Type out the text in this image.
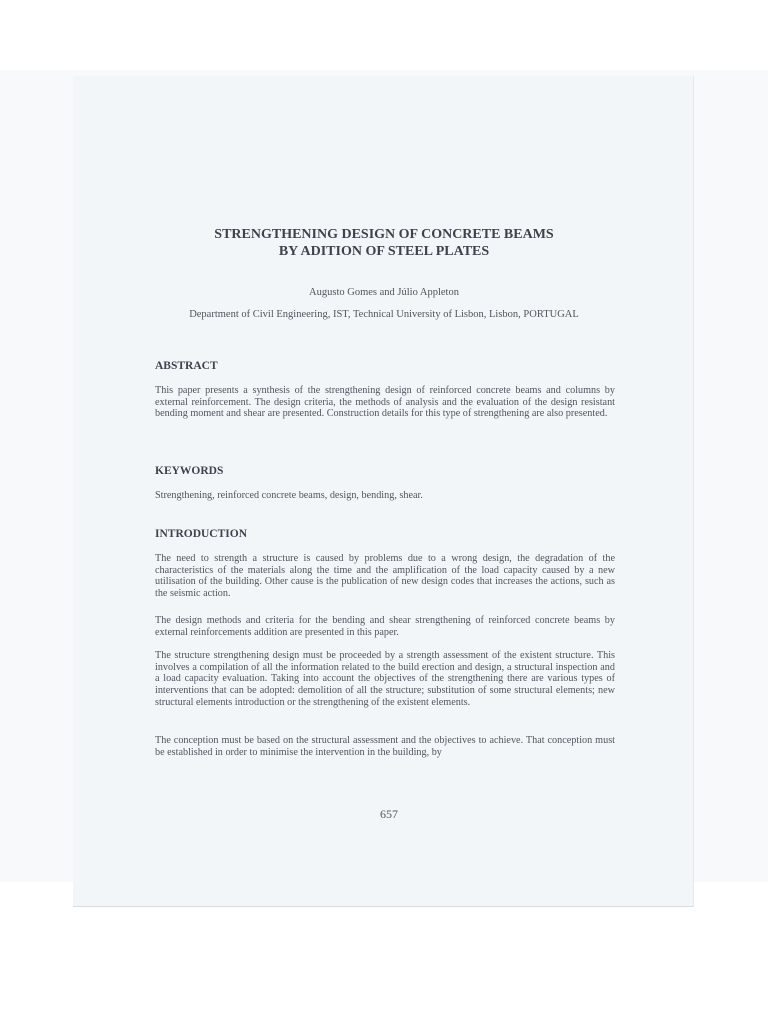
STRENGTHENING DESIGN OF CONCRETE BEAMS
BY ADITION OF STEEL PLATES
Augusto Gomes and Júlio Appleton
Department of Civil Engineering, IST, Technical University of Lisbon, Lisbon, PORTUGAL
ABSTRACT
This paper presents a synthesis of the strengthening design of reinforced concrete beams and columns by external reinforcement. The design criteria, the methods of analysis and the evaluation of the design resistant bending moment and shear are presented. Construction details for this type of strengthening are also presented.
KEYWORDS
Strengthening, reinforced concrete beams, design, bending, shear.
INTRODUCTION
The need to strength a structure is caused by problems due to a wrong design, the degradation of the characteristics of the materials along the time and the amplification of the load capacity caused by a new utilisation of the building. Other cause is the publication of new design codes that increases the actions, such as the seismic action.
The design methods and criteria for the bending and shear strengthening of reinforced concrete beams by external reinforcements addition are presented in this paper.
The structure strengthening design must be proceeded by a strength assessment of the existent structure. This involves a compilation of all the information related to the build erection and design, a structural inspection and a load capacity evaluation. Taking into account the objectives of the strengthening there are various types of interventions that can be adopted: demolition of all the structure; substitution of some structural elements; new structural elements introduction or the strengthening of the existent elements.
The conception must be based on the structural assessment and the objectives to achieve. That conception must be established in order to minimise the intervention in the building, by
657
